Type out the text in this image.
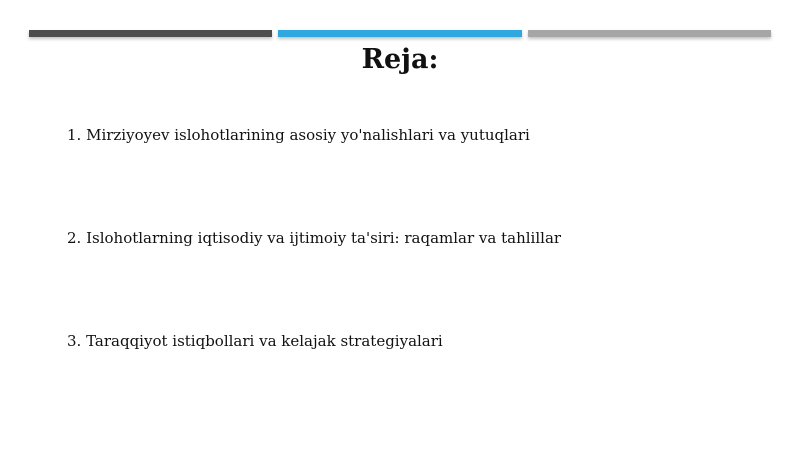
Reja:
1. Mirziyoyev islohotlarining asosiy yo'nalishlari va yutuqlari
2. Islohotlarning iqtisodiy va ijtimoiy ta'siri: raqamlar va tahlillar
3. Taraqqiyot istiqbollari va kelajak strategiyalari
